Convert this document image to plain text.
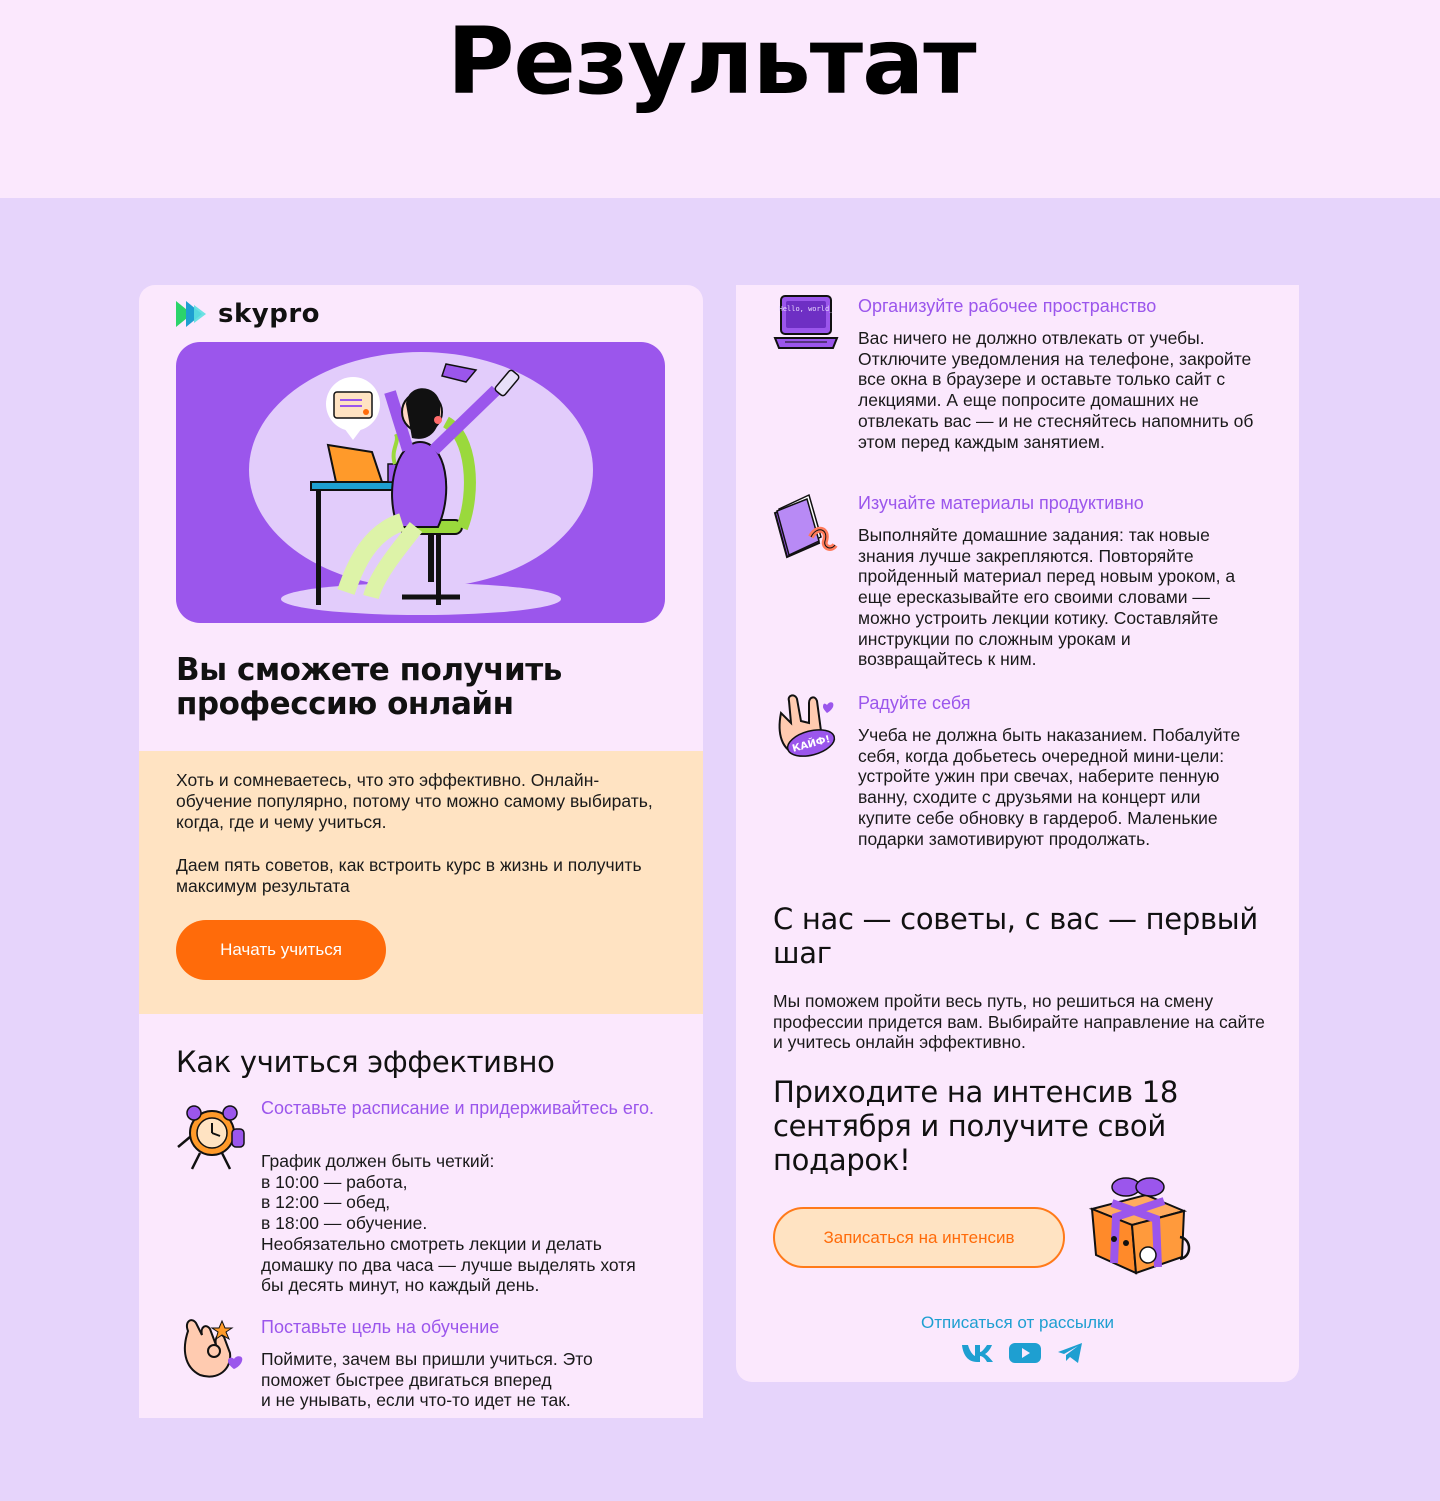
Результат
skypro
Вы сможете получить профессию онлайн

Хоть и сомневаетесь, что это эффективно. Онлайн-обучение популярно, потому что можно самому выбирать, когда, где и чему учиться.

Даем пять советов, как встроить курс в жизнь и получить максимум результата

Начать учиться
Как учиться эффективно
Составьте расписание и придерживайтесь его.
График должен быть четкий:
в 10:00 — работа,
в 12:00 — обед,
в 18:00 — обучение.
Необязательно смотреть лекции и делать домашку по два часа — лучше выделять хотя бы десять минут, но каждый день.
Поставьте цель на обучение
Поймите, зачем вы пришли учиться. Это поможет быстрее двигаться вперед
и не унывать, если что-то идет не так.
Hello, world_ Организуйте рабочее пространство
Вас ничего не должно отвлекать от учебы. Отключите уведомления на телефоне, закройте все окна в браузере и оставьте только сайт с лекциями. А еще попросите домашних не отвлекать вас — и не стесняйтесь напомнить об этом перед каждым занятием.
Изучайте материалы продуктивно
Выполняйте домашние задания: так новые знания лучше закрепляются. Повторяйте пройденный материал перед новым уроком, а еще ересказывайте его своими словами — можно устроить лекции котику. Составляйте инструкции по сложным урокам и возвращайтесь к ним.
КАЙФ!
Радуйте себя
Учеба не должна быть наказанием. Побалуйте себя, когда добьетесь очередной мини-цели: устройте ужин при свечах, наберите пенную ванну, сходите с друзьями на концерт или купите себе обновку в гардероб. Маленькие подарки замотивируют продолжать.
С нас — советы, с вас — первый шаг
Мы поможем пройти весь путь, но решиться на смену профессии придется вам. Выбирайте направление на сайте и учитесь онлайн эффективно.
Приходите на интенсив 18 сентября и получите свой подарок!
Записаться на интенсив
Отписаться от рассылки
